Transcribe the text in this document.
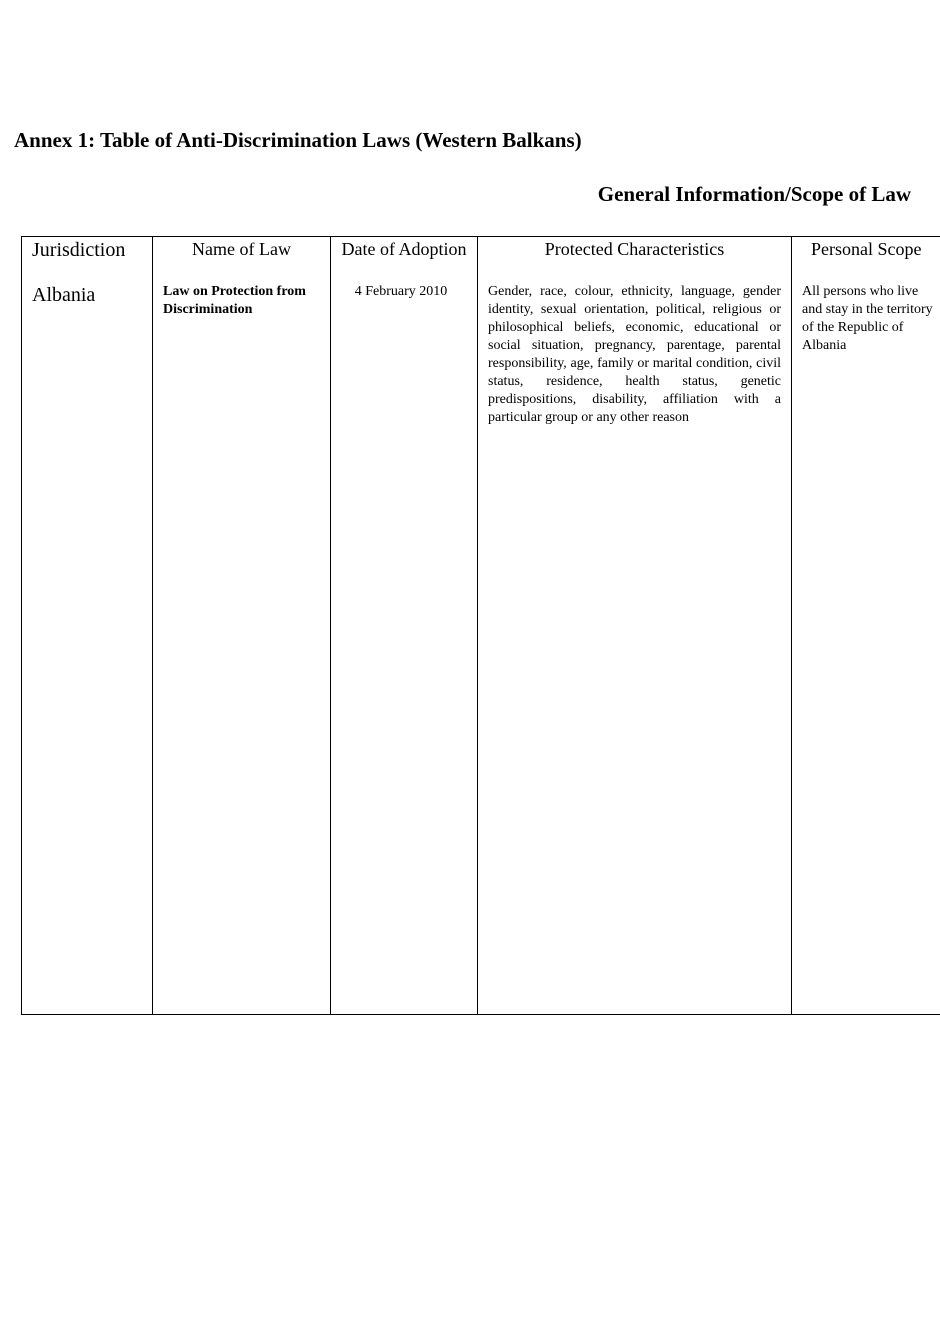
Annex 1: Table of Anti-Discrimination Laws (Western Balkans)
General Information/Scope of Law
Jurisdiction	Name of Law	Date of Adoption	Protected Characteristics	Personal Scope
Albania	Law on Protection from Discrimination	4 February 2010	Gender, race, colour, ethnicity, language, gender identity, sexual orientation, political, religious or philosophical beliefs, economic, educational or social situation, pregnancy, parentage, parental responsibility, age, family or marital condition, civil status, residence, health status, genetic predispositions, disability, affiliation with a particular group or any other reason	All persons who live and stay in the territory of the Republic of Albania
